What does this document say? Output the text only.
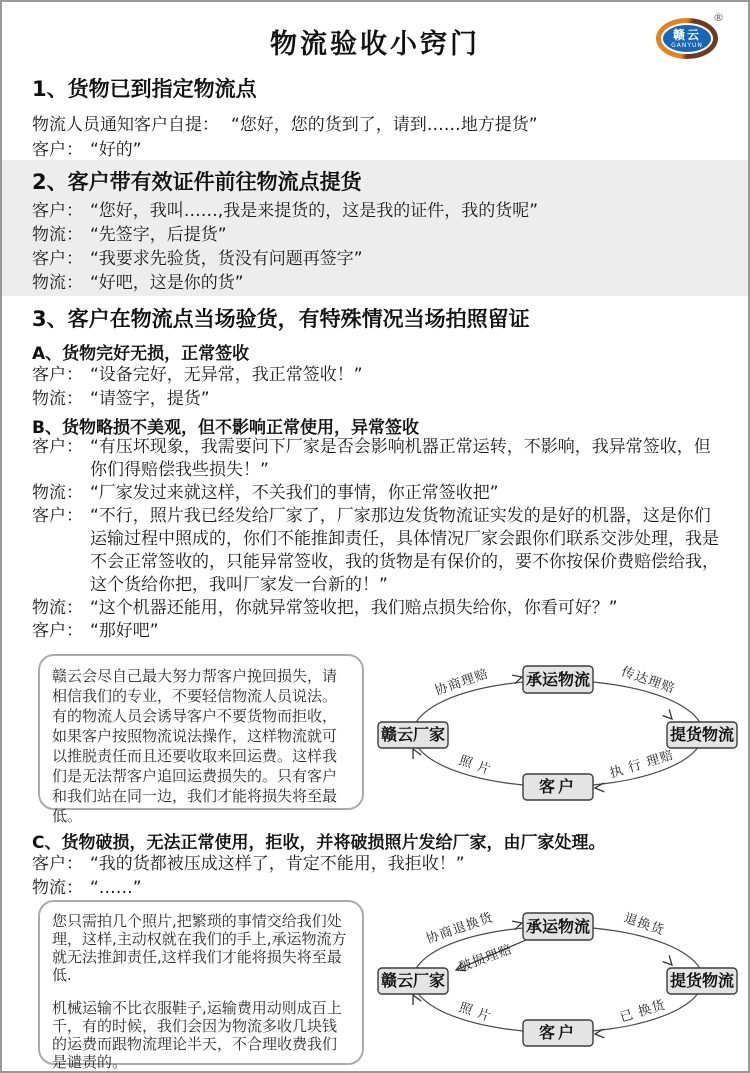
物流验收小窍门	赣云
GANYUN
®
1、货物已到指定物流点
物流人员通知客户自提： “您好，您的货到了，请到……地方提货”
客户： “好的”
2、客户带有效证件前往物流点提货
客户： “您好，我叫……,我是来提货的，这是我的证件，我的货呢”
物流： “先签字，后提货”
客户： “我要求先验货，货没有问题再签字”
物流： “好吧，这是你的货”
3、客户在物流点当场验货，有特殊情况当场拍照留证
A、货物完好无损，正常签收
客户： “设备完好，无异常，我正常签收！”
物流： “请签字，提货”
B、货物略损不美观，但不影响正常使用，异常签收
客户： “有压坏现象，我需要问下厂家是否会影响机器正常运转，不影响，我异常签收，但你们得赔偿我些损失！”
物流： “厂家发过来就这样，不关我们的事情，你正常签收把”
客户： “不行，照片我已经发给厂家了，厂家那边发货物流证实发的是好的机器，这是你们运输过程中照成的，你们不能推卸责任，具体情况厂家会跟你们联系交涉处理，我是不会正常签收的，只能异常签收，我的货物是有保价的，要不你按保价费赔偿给我，这个货给你把，我叫厂家发一台新的！”
物流： “这个机器还能用，你就异常签收把，我们赔点损失给你，你看可好？”
客户： “那好吧”
赣云会尽自己最大努力帮客户挽回损失，请相信我们的专业，不要轻信物流人员说法。有的物流人员会诱导客户不要货物而拒收，如果客户按照物流说法操作，这样物流就可以推脱责任而且还要收取来回运费。这样我们是无法帮客户追回运费损失的。只有客户和我们站在同一边，我们才能将损失将至最低。
承运物流
提货物流
客户
赣云厂家
协商理赔	传达理赔
执 行 理赔
照 片
C、货物破损，无法正常使用，拒收，并将破损照片发给厂家，由厂家处理。
客户： “我的货都被压成这样了，肯定不能用，我拒收！”
物流： “……”

您只需拍几个照片,把繁琐的事情交给我们处理，这样,主动权就在我们的手上,承运物流方就无法推卸责任,这样我们才能将损失将至最低.

机械运输不比衣服鞋子,运输费用动则成百上千，有的时候，我们会因为物流多收几块钱的运费而跟物流理论半天，不合理收费我们是谴责的。

承运物流
提货物流
客户
赣云厂家
协商退换货	退换货
破损理赔
已 换货
照 片
